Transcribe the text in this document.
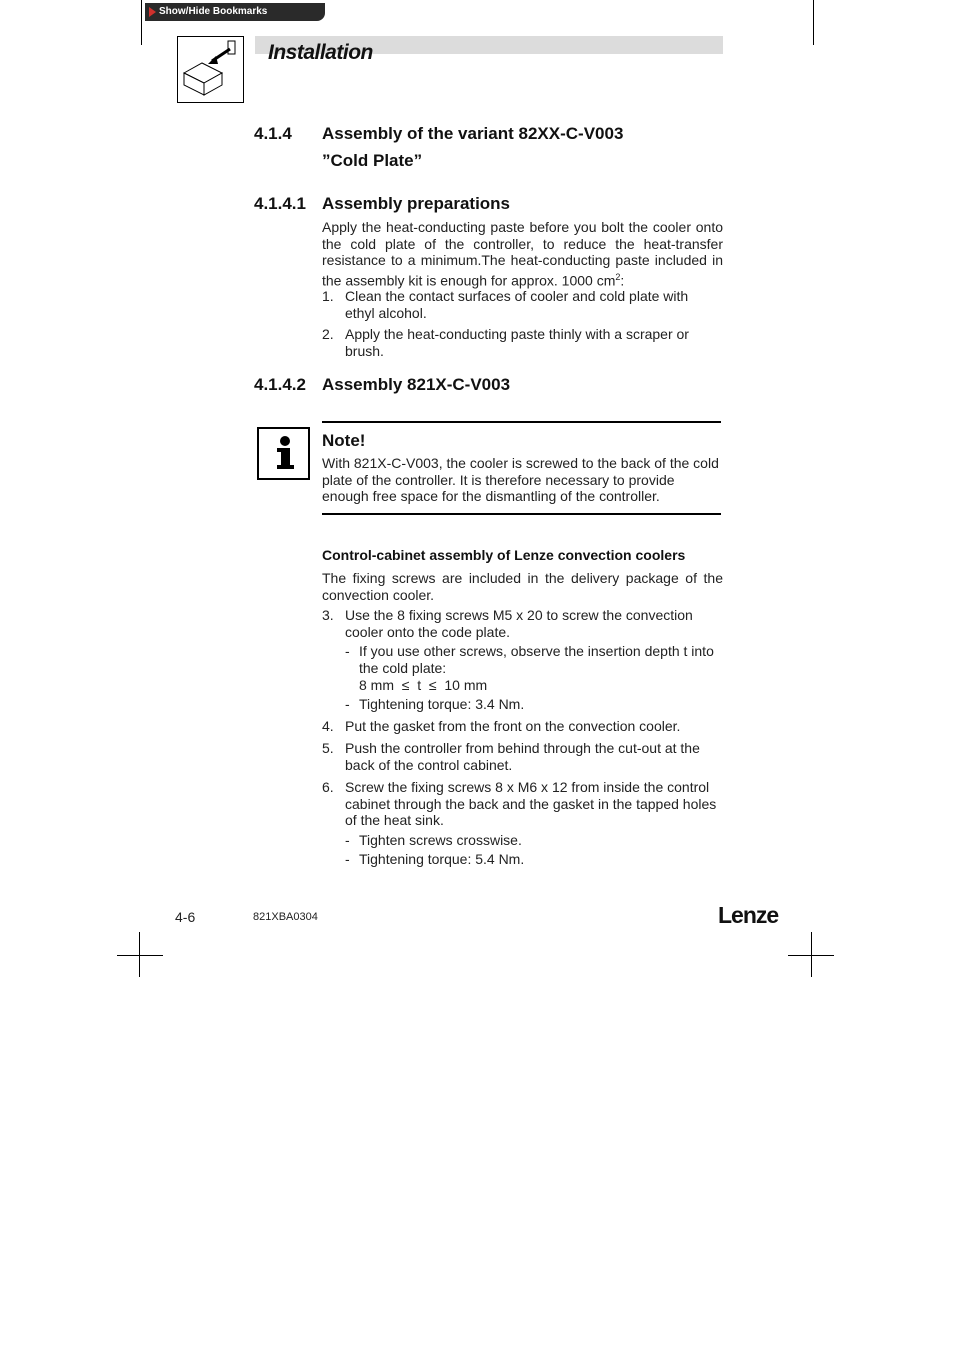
Show/Hide Bookmarks
Installation
4.1.4 Assembly of the variant 82XX-C-V003
”Cold Plate”
4.1.4.1 Assembly preparations
Apply the heat-conducting paste before you bolt the cooler onto the cold plate of the controller, to reduce the heat-transfer resistance to a minimum.The heat-conducting paste included in the assembly kit is enough for approx. 1000 $cm^2$:
1. Clean the contact surfaces of cooler and cold plate with ethyl alcohol.
2. Apply the heat-conducting paste thinly with a scraper or brush.
4.1.4.2 Assembly 821X-C-V003
Note!
With 821X-C-V003, the cooler is screwed to the back of the cold plate of the controller. It is therefore necessary to provide enough free space for the dismantling of the controller.
Control-cabinet assembly of Lenze convection coolers
The fixing screws are included in the delivery package of the convection cooler.
3. Use the 8 fixing screws M5 x 20 to screw the convection cooler onto the code plate.
- If you use other screws, observe the insertion depth t into the cold plate:
8 mm  ≤  t  ≤  10 mm
- Tightening torque: 3.4 Nm.
4. Put the gasket from the front on the convection cooler.
5. Push the controller from behind through the cut-out at the back of the control cabinet.
6. Screw the fixing screws 8 x M6 x 12 from inside the control cabinet through the back and the gasket in the tapped holes of the heat sink.
- Tighten screws crosswise.
- Tightening torque: 5.4 Nm.
4-6	821XBA0304	Lenze
